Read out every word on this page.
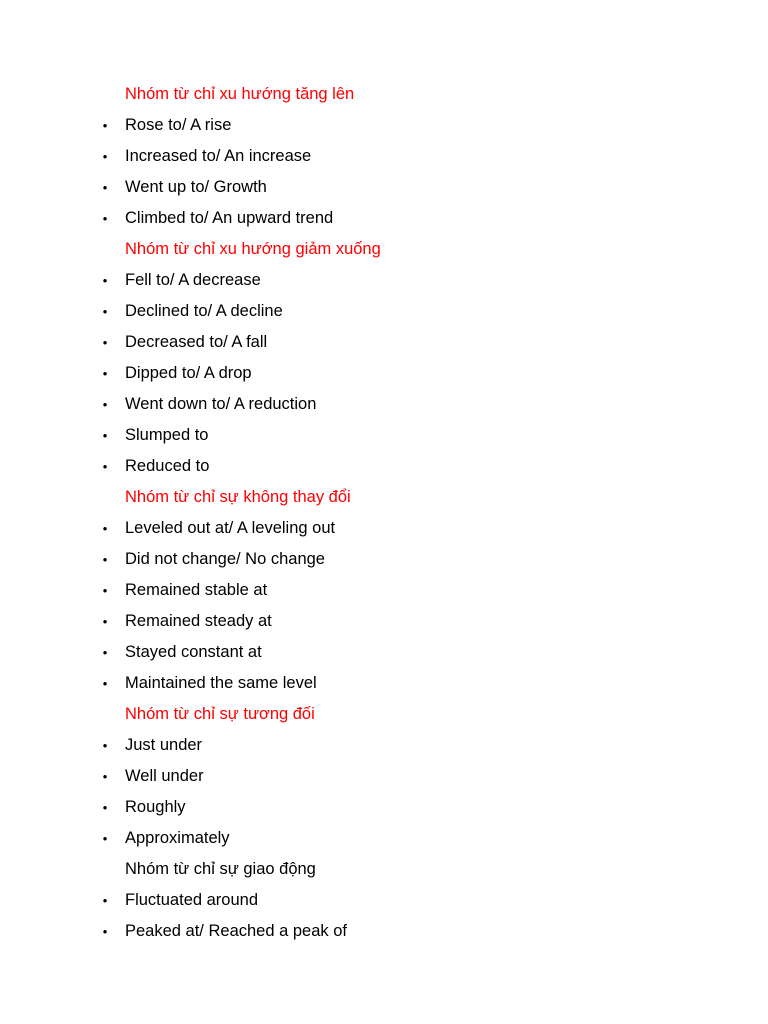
Nhóm từ chỉ xu hướng tăng lên
• Rose to/ A rise
• Increased to/ An increase
• Went up to/ Growth
• Climbed to/ An upward trend
Nhóm từ chỉ xu hướng giảm xuống
• Fell to/ A decrease
• Declined to/ A decline
• Decreased to/ A fall
• Dipped to/ A drop
• Went down to/ A reduction
• Slumped to
• Reduced to
Nhóm từ chỉ sự không thay đổi
• Leveled out at/ A leveling out
• Did not change/ No change
• Remained stable at
• Remained steady at
• Stayed constant at
• Maintained the same level
Nhóm từ chỉ sự tương đối
• Just under
• Well under
• Roughly
• Approximately
Nhóm từ chỉ sự giao động
• Fluctuated around
• Peaked at/ Reached a peak of
